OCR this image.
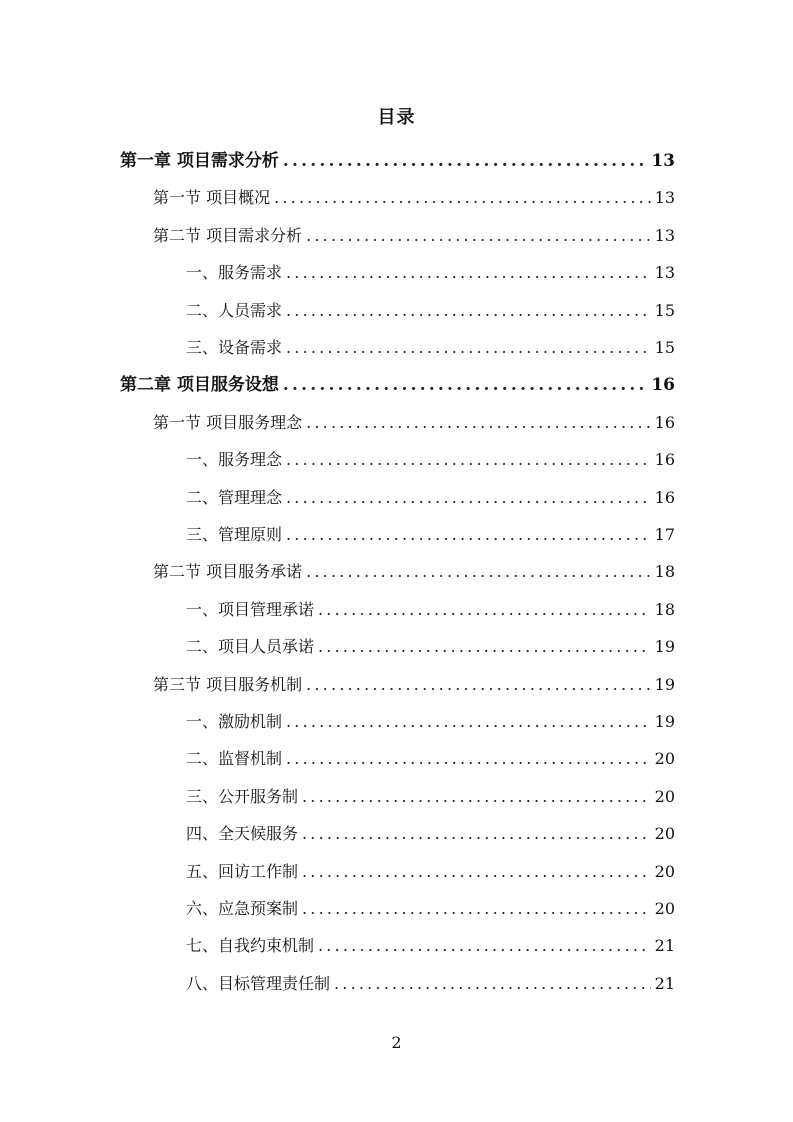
目录
第一章 项目需求分析 .....	13
第一节 项目概况 .....	13
第二节 项目需求分析 .....	13
一、服务需求 .....	13
二、人员需求 .....	15
三、设备需求 .....	15
第二章 项目服务设想 .....	16
第一节 项目服务理念 .....	16
一、服务理念 .....	16
二、管理理念 .....	16
三、管理原则 .....	17
第二节 项目服务承诺 .....	18
一、项目管理承诺 .....	18
二、项目人员承诺 .....	19
第三节 项目服务机制 .....	19
一、激励机制 .....	19
二、监督机制 .....	20
三、公开服务制 .....	20
四、全天候服务 .....	20
五、回访工作制 .....	20
六、应急预案制 .....	20
七、自我约束机制 .....	21
八、目标管理责任制 .....	21
2
